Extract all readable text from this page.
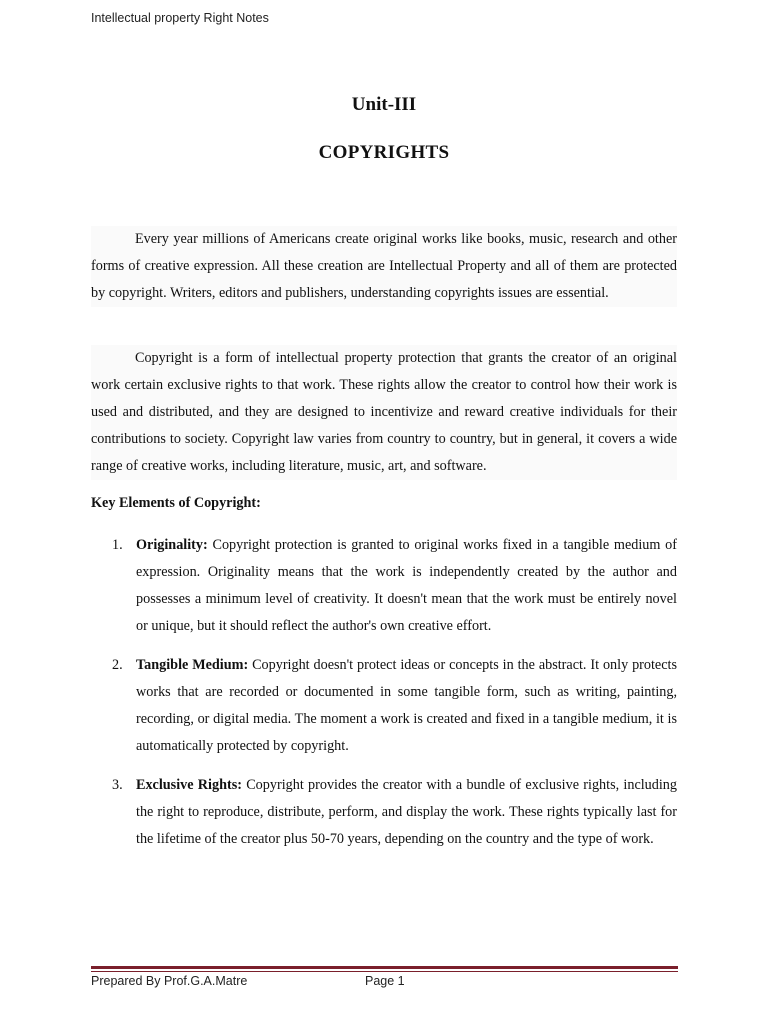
Intellectual property Right Notes
Unit-III
COPYRIGHTS

Every year millions of Americans create original works like books, music, research and other forms of creative expression. All these creation are Intellectual Property and all of them are protected by copyright. Writers, editors and publishers, understanding copyrights issues are essential.

Copyright is a form of intellectual property protection that grants the creator of an original work certain exclusive rights to that work. These rights allow the creator to control how their work is used and distributed, and they are designed to incentivize and reward creative individuals for their contributions to society. Copyright law varies from country to country, but in general, it covers a wide range of creative works, including literature, music, art, and software.

Key Elements of Copyright:
1. Originality: Copyright protection is granted to original works fixed in a tangible medium of expression. Originality means that the work is independently created by the author and possesses a minimum level of creativity. It doesn't mean that the work must be entirely novel or unique, but it should reflect the author's own creative effort.
2. Tangible Medium: Copyright doesn't protect ideas or concepts in the abstract. It only protects works that are recorded or documented in some tangible form, such as writing, painting, recording, or digital media. The moment a work is created and fixed in a tangible medium, it is automatically protected by copyright.
3. Exclusive Rights: Copyright provides the creator with a bundle of exclusive rights, including the right to reproduce, distribute, perform, and display the work. These rights typically last for the lifetime of the creator plus 50-70 years, depending on the country and the type of work.
Prepared By Prof.G.A.Matre	Page 1
